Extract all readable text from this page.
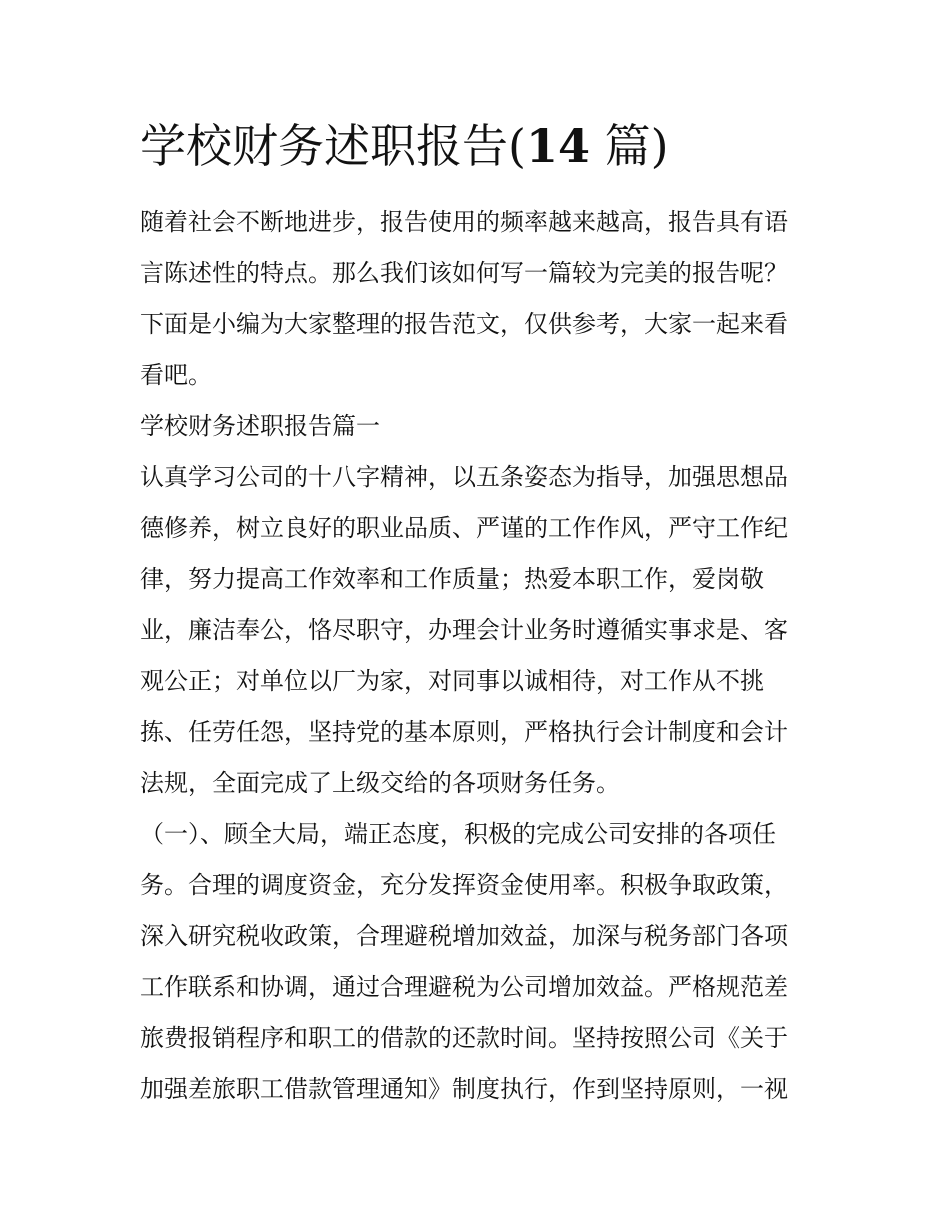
学校财务述职报告(14 篇)
随着社会不断地进步，报告使用的频率越来越高，报告具有语
言陈述性的特点。那么我们该如何写一篇较为完美的报告呢？
下面是小编为大家整理的报告范文，仅供参考，大家一起来看
看吧。
学校财务述职报告篇一
认真学习公司的十八字精神，以五条姿态为指导，加强思想品
德修养，树立良好的职业品质、严谨的工作作风，严守工作纪
律，努力提高工作效率和工作质量；热爱本职工作，爱岗敬
业，廉洁奉公，恪尽职守，办理会计业务时遵循实事求是、客
观公正；对单位以厂为家，对同事以诚相待，对工作从不挑
拣、任劳任怨，坚持党的基本原则，严格执行会计制度和会计
法规，全面完成了上级交给的各项财务任务。
（一）、顾全大局，端正态度，积极的完成公司安排的各项任
务。合理的调度资金，充分发挥资金使用率。积极争取政策，
深入研究税收政策，合理避税增加效益，加深与税务部门各项
工作联系和协调，通过合理避税为公司增加效益。严格规范差
旅费报销程序和职工的借款的还款时间。坚持按照公司《关于
加强差旅职工借款管理通知》制度执行，作到坚持原则，一视
